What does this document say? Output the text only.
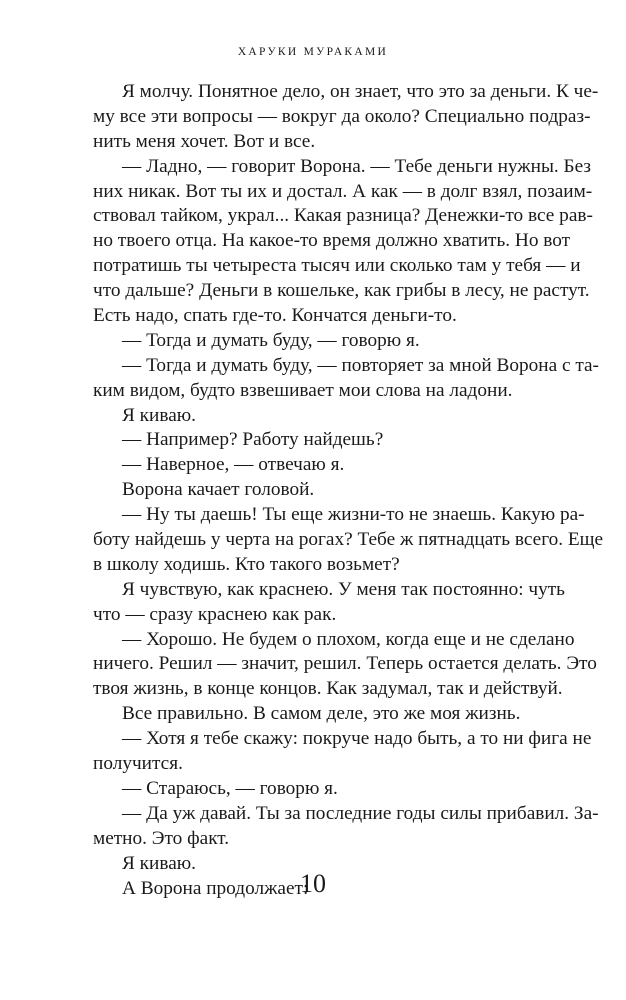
ХАРУКИ МУРАКАМИ
Я молчу. Понятное дело, он знает, что это за деньги. К че-
му все эти вопросы — вокруг да около? Специально подраз-
нить меня хочет. Вот и все.
— Ладно, — говорит Ворона. — Тебе деньги нужны. Без
них никак. Вот ты их и достал. А как — в долг взял, позаим-
ствовал тайком, украл... Какая разница? Денежки-то все рав-
но твоего отца. На какое-то время должно хватить. Но вот
потратишь ты четыреста тысяч или сколько там у тебя — и
что дальше? Деньги в кошельке, как грибы в лесу, не растут.
Есть надо, спать где-то. Кончатся деньги-то.
— Тогда и думать буду, — говорю я.
— Тогда и думать буду, — повторяет за мной Ворона с та-
ким видом, будто взвешивает мои слова на ладони.
Я киваю.
— Например? Работу найдешь?
— Наверное, — отвечаю я.
Ворона качает головой.
— Ну ты даешь! Ты еще жизни-то не знаешь. Какую ра-
боту найдешь у черта на рогах? Тебе ж пятнадцать всего. Еще
в школу ходишь. Кто такого возьмет?
Я чувствую, как краснею. У меня так постоянно: чуть
что — сразу краснею как рак.
— Хорошо. Не будем о плохом, когда еще и не сделано
ничего. Решил — значит, решил. Теперь остается делать. Это
твоя жизнь, в конце концов. Как задумал, так и действуй.
Все правильно. В самом деле, это же моя жизнь.
— Хотя я тебе скажу: покруче надо быть, а то ни фига не
получится.
— Стараюсь, — говорю я.
— Да уж давай. Ты за последние годы силы прибавил. За-
метно. Это факт.
Я киваю.
А Ворона продолжает:
10
